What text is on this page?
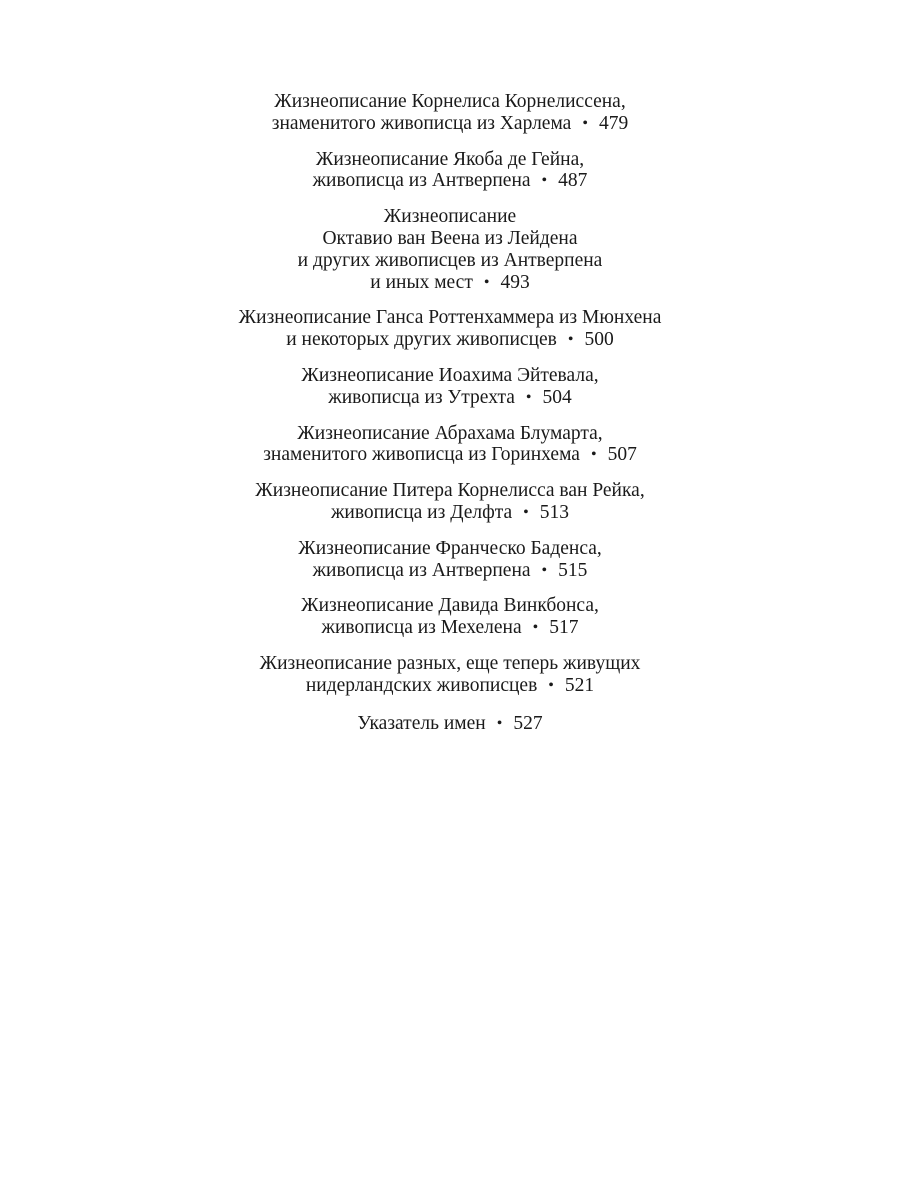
Жизнеописание Корнелиса Корнелиссена,
знаменитого живописца из Харлема • 479
Жизнеописание Якоба де Гейна,
живописца из Антверпена • 487
Жизнеописание
Октавио ван Веена из Лейдена
и других живописцев из Антверпена
и иных мест • 493
Жизнеописание Ганса Роттенхаммера из Мюнхена
и некоторых других живописцев • 500
Жизнеописание Иоахима Эйтевала,
живописца из Утрехта • 504
Жизнеописание Абрахама Блумарта,
знаменитого живописца из Горинхема • 507
Жизнеописание Питера Корнелисса ван Рейка,
живописца из Делфта • 513
Жизнеописание Франческо Баденса,
живописца из Антверпена • 515
Жизнеописание Давида Винкбонса,
живописца из Мехелена • 517
Жизнеописание разных, еще теперь живущих
нидерландских живописцев • 521
Указатель имен • 527
